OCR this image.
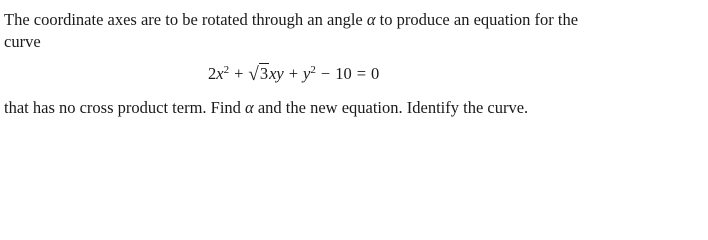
The coordinate axes are to be rotated through an angle α to produce an equation for the

curve

$2x^2 + √3xy + y^2 - 10 = 0$

that has no cross product term. Find α and the new equation. Identify the curve.
